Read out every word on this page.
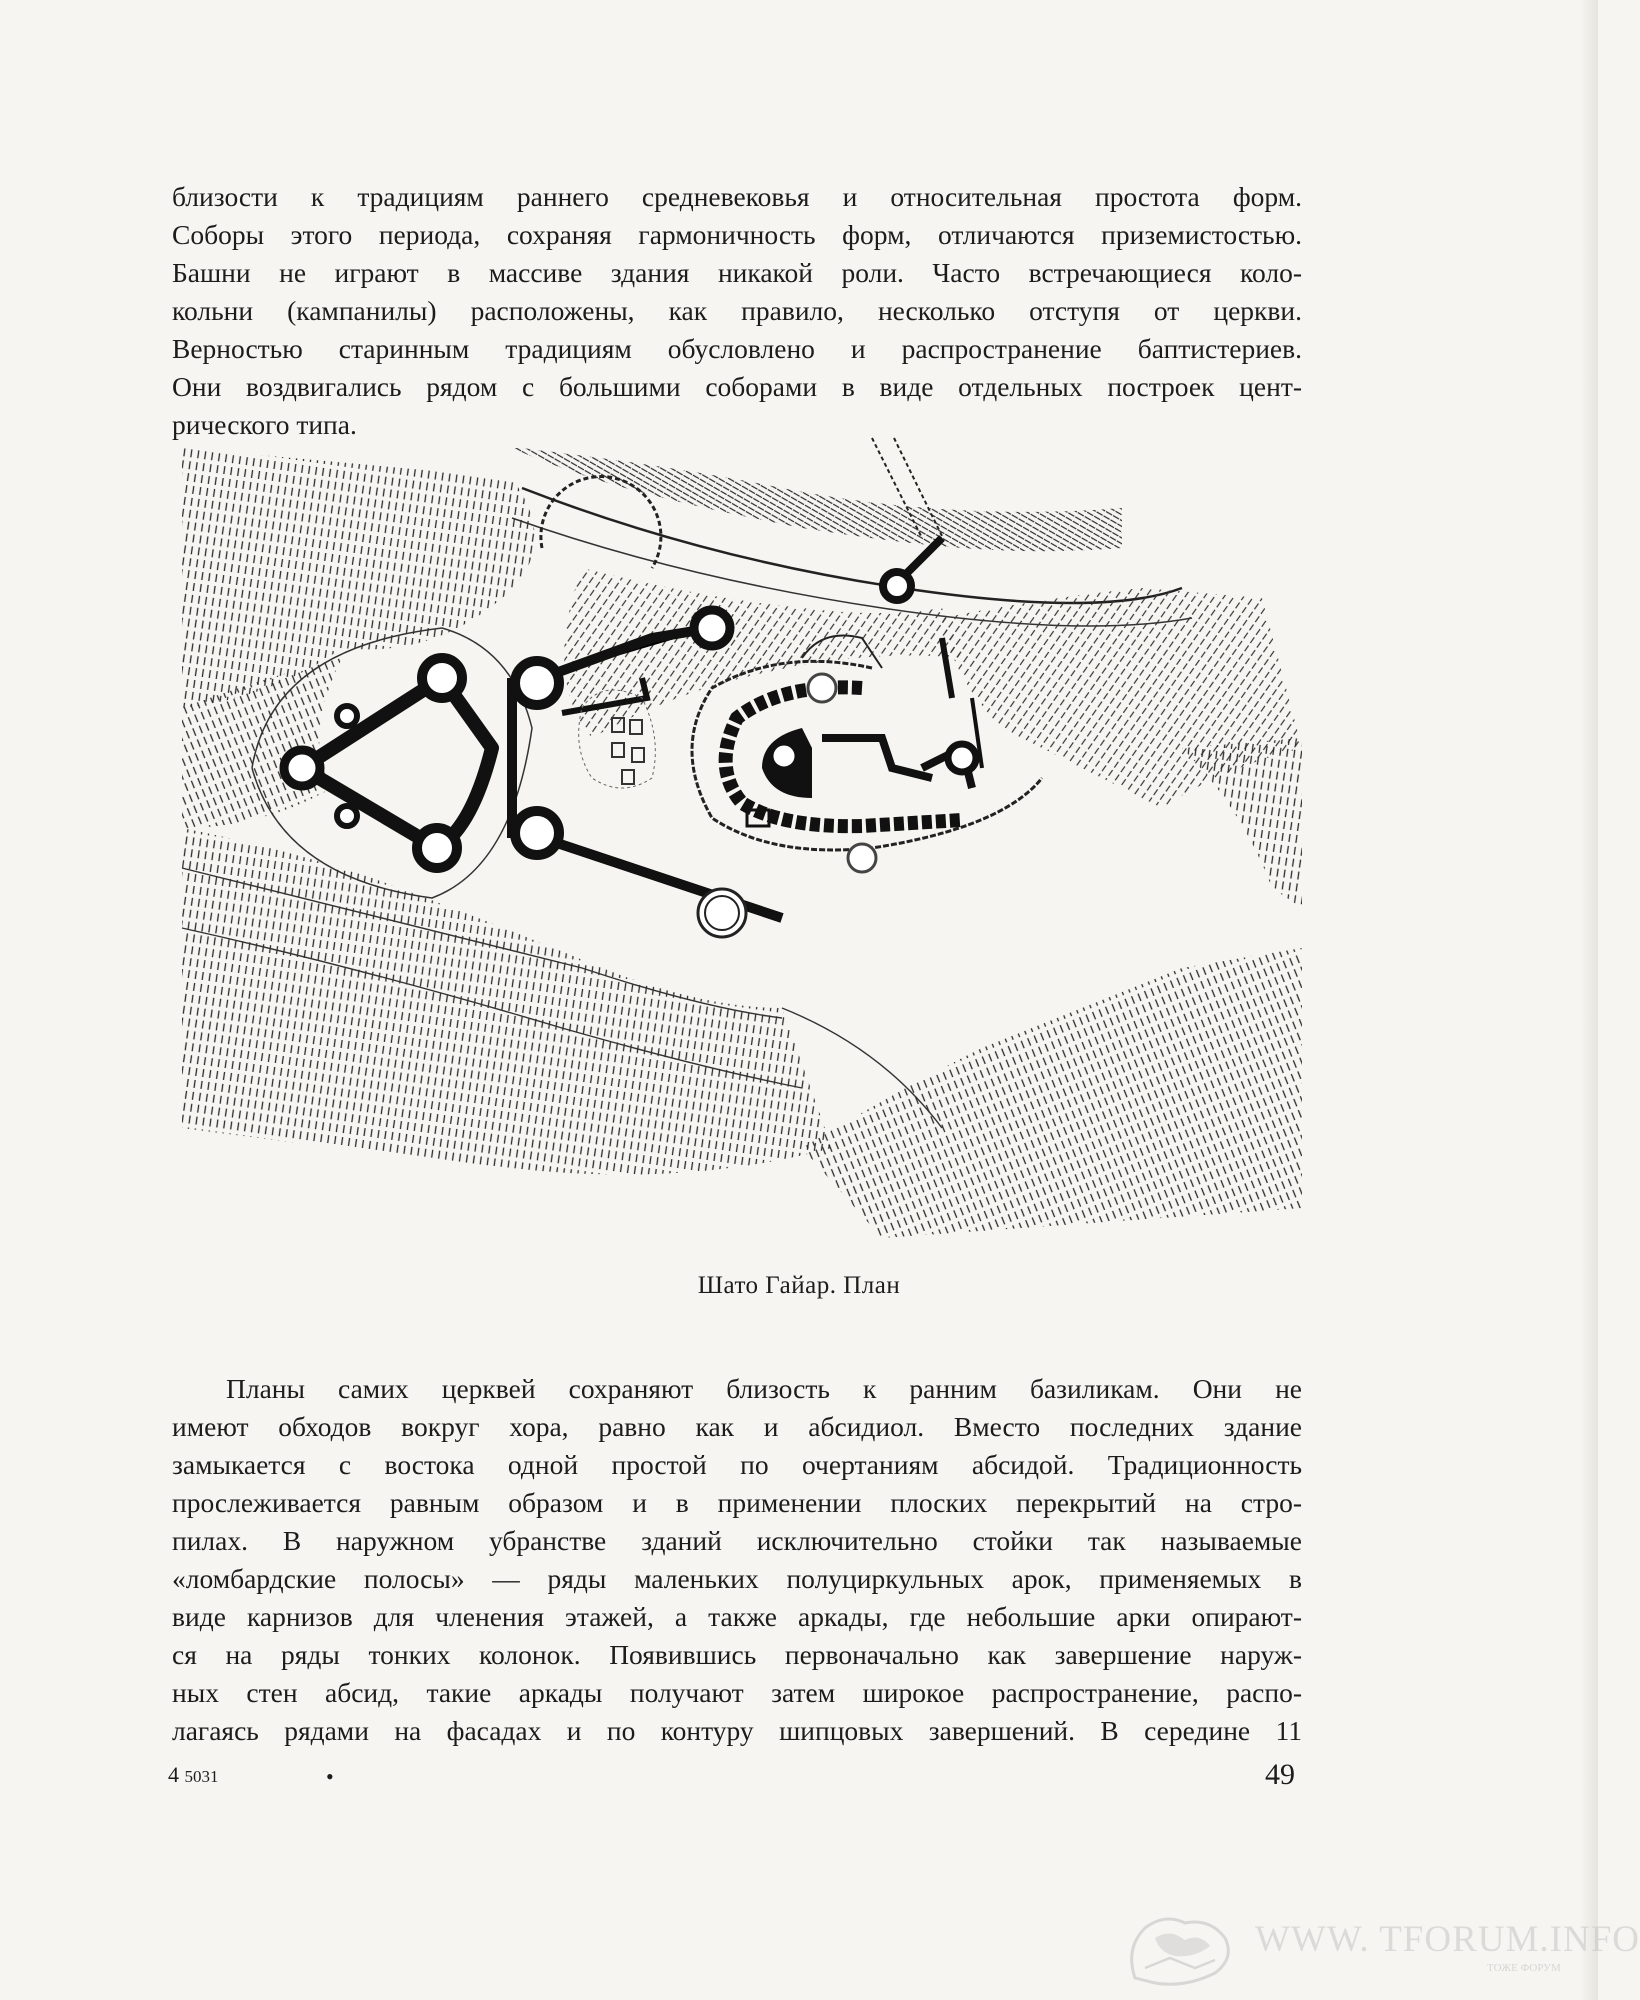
близости к традициям раннего средневековья и относительная простота форм.
Соборы этого периода, сохраняя гармоничность форм, отличаются приземистостью.
Башни не играют в массиве здания никакой роли. Часто встречающиеся коло-
кольни (кампанилы) расположены, как правило, несколько отступя от церкви.
Верностью старинным традициям обусловлено и распространение баптистериев.
Они воздвигались рядом с большими соборами в виде отдельных построек цент-
рического типа.
Шато Гайар. План
Планы самих церквей сохраняют близость к ранним базиликам. Они не
имеют обходов вокруг хора, равно как и абсидиол. Вместо последних здание
замыкается с востока одной простой по очертаниям абсидой. Традиционность
прослеживается равным образом и в применении плоских перекрытий на стро-
пилах. В наружном убранстве зданий исключительно стойки так называемые
«ломбардские полосы» — ряды маленьких полуциркульных арок, применяемых в
виде карнизов для членения этажей, а также аркады, где небольшие арки опирают-
ся на ряды тонких колонок. Появившись первоначально как завершение наруж-
ных стен абсид, такие аркады получают затем широкое распространение, распо-
лагаясь рядами на фасадах и по контуру шипцовых завершений. В середине 11
4 5031	•	49
WWW. TFORUM.INFO
ТОЖЕ ФОРУМ
